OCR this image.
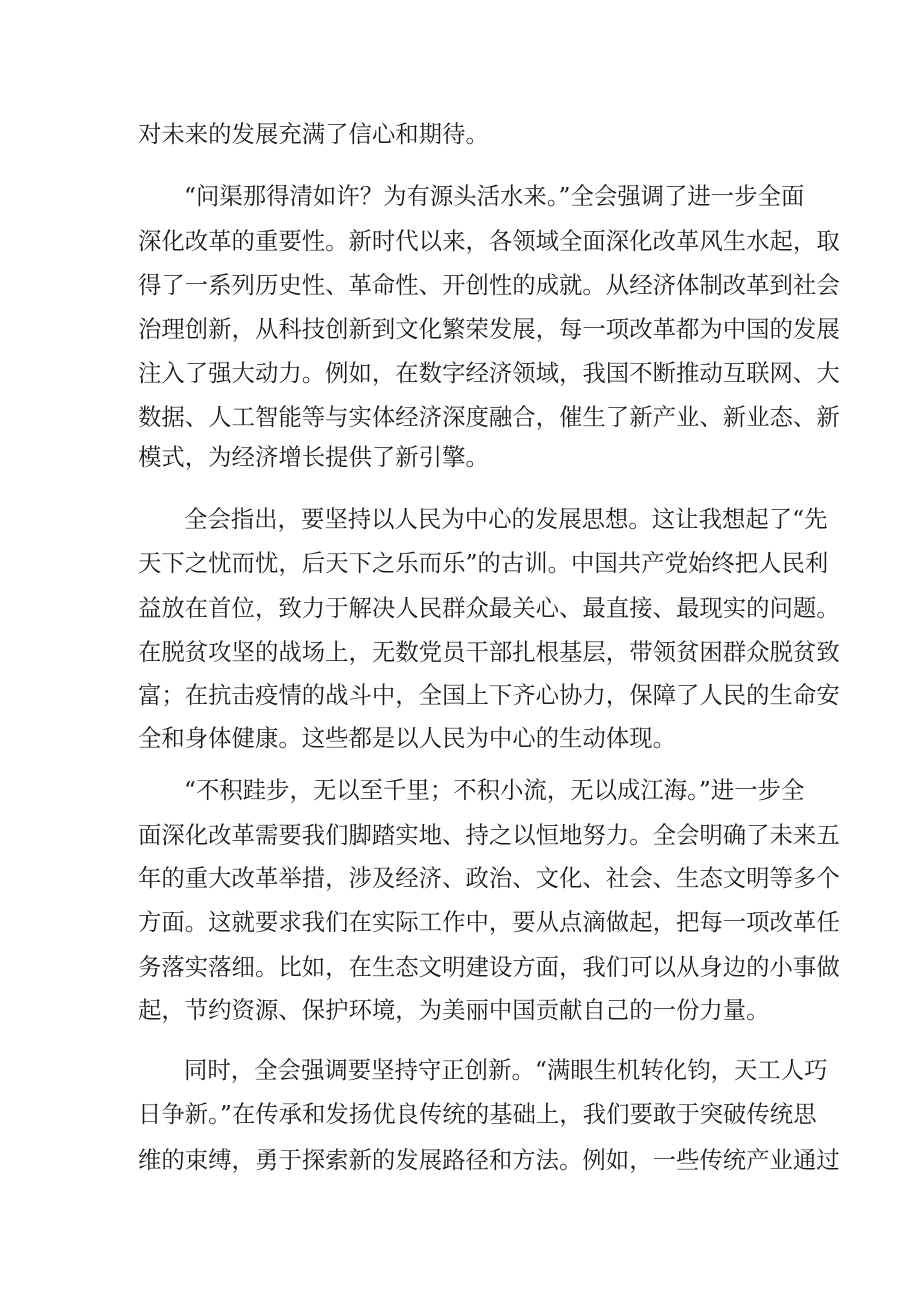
对未来的发展充满了信心和期待。
“问渠那得清如许？为有源头活水来。”全会强调了进一步全面
深化改革的重要性。新时代以来，各领域全面深化改革风生水起，取
得了一系列历史性、革命性、开创性的成就。从经济体制改革到社会
治理创新，从科技创新到文化繁荣发展，每一项改革都为中国的发展
注入了强大动力。例如，在数字经济领域，我国不断推动互联网、大
数据、人工智能等与实体经济深度融合，催生了新产业、新业态、新
模式，为经济增长提供了新引擎。
全会指出，要坚持以人民为中心的发展思想。这让我想起了“先
天下之忧而忧，后天下之乐而乐”的古训。中国共产党始终把人民利
益放在首位，致力于解决人民群众最关心、最直接、最现实的问题。
在脱贫攻坚的战场上，无数党员干部扎根基层，带领贫困群众脱贫致
富；在抗击疫情的战斗中，全国上下齐心协力，保障了人民的生命安
全和身体健康。这些都是以人民为中心的生动体现。
“不积跬步，无以至千里；不积小流，无以成江海。”进一步全
面深化改革需要我们脚踏实地、持之以恒地努力。全会明确了未来五
年的重大改革举措，涉及经济、政治、文化、社会、生态文明等多个
方面。这就要求我们在实际工作中，要从点滴做起，把每一项改革任
务落实落细。比如，在生态文明建设方面，我们可以从身边的小事做
起，节约资源、保护环境，为美丽中国贡献自己的一份力量。
同时，全会强调要坚持守正创新。“满眼生机转化钧，天工人巧
日争新。”在传承和发扬优良传统的基础上，我们要敢于突破传统思
维的束缚，勇于探索新的发展路径和方法。例如，一些传统产业通过
